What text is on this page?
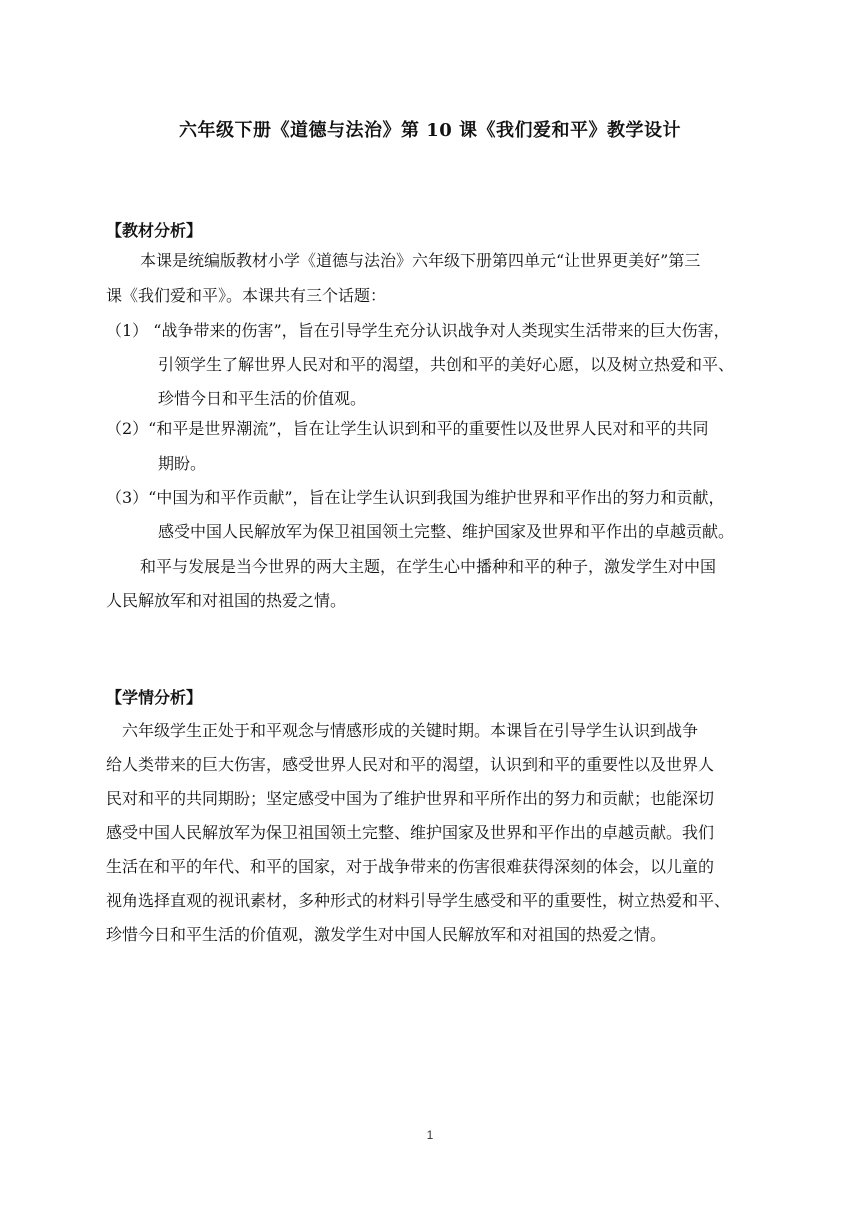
六年级下册《道德与法治》第 10 课《我们爱和平》教学设计
【教材分析】
本课是统编版教材小学《道德与法治》六年级下册第四单元“让世界更美好”第三
课《我们爱和平》。本课共有三个话题：
（1） “战争带来的伤害”，旨在引导学生充分认识战争对人类现实生活带来的巨大伤害，
引领学生了解世界人民对和平的渴望，共创和平的美好心愿，以及树立热爱和平、
珍惜今日和平生活的价值观。
（2）“和平是世界潮流”，旨在让学生认识到和平的重要性以及世界人民对和平的共同
期盼。
（3）“中国为和平作贡献”，旨在让学生认识到我国为维护世界和平作出的努力和贡献，
感受中国人民解放军为保卫祖国领土完整、维护国家及世界和平作出的卓越贡献。
和平与发展是当今世界的两大主题，在学生心中播种和平的种子，激发学生对中国
人民解放军和对祖国的热爱之情。
【学情分析】
六年级学生正处于和平观念与情感形成的关键时期。本课旨在引导学生认识到战争
给人类带来的巨大伤害，感受世界人民对和平的渴望，认识到和平的重要性以及世界人
民对和平的共同期盼；坚定感受中国为了维护世界和平所作出的努力和贡献；也能深切
感受中国人民解放军为保卫祖国领土完整、维护国家及世界和平作出的卓越贡献。我们
生活在和平的年代、和平的国家，对于战争带来的伤害很难获得深刻的体会，以儿童的
视角选择直观的视讯素材，多种形式的材料引导学生感受和平的重要性，树立热爱和平、
珍惜今日和平生活的价值观，激发学生对中国人民解放军和对祖国的热爱之情。
1
